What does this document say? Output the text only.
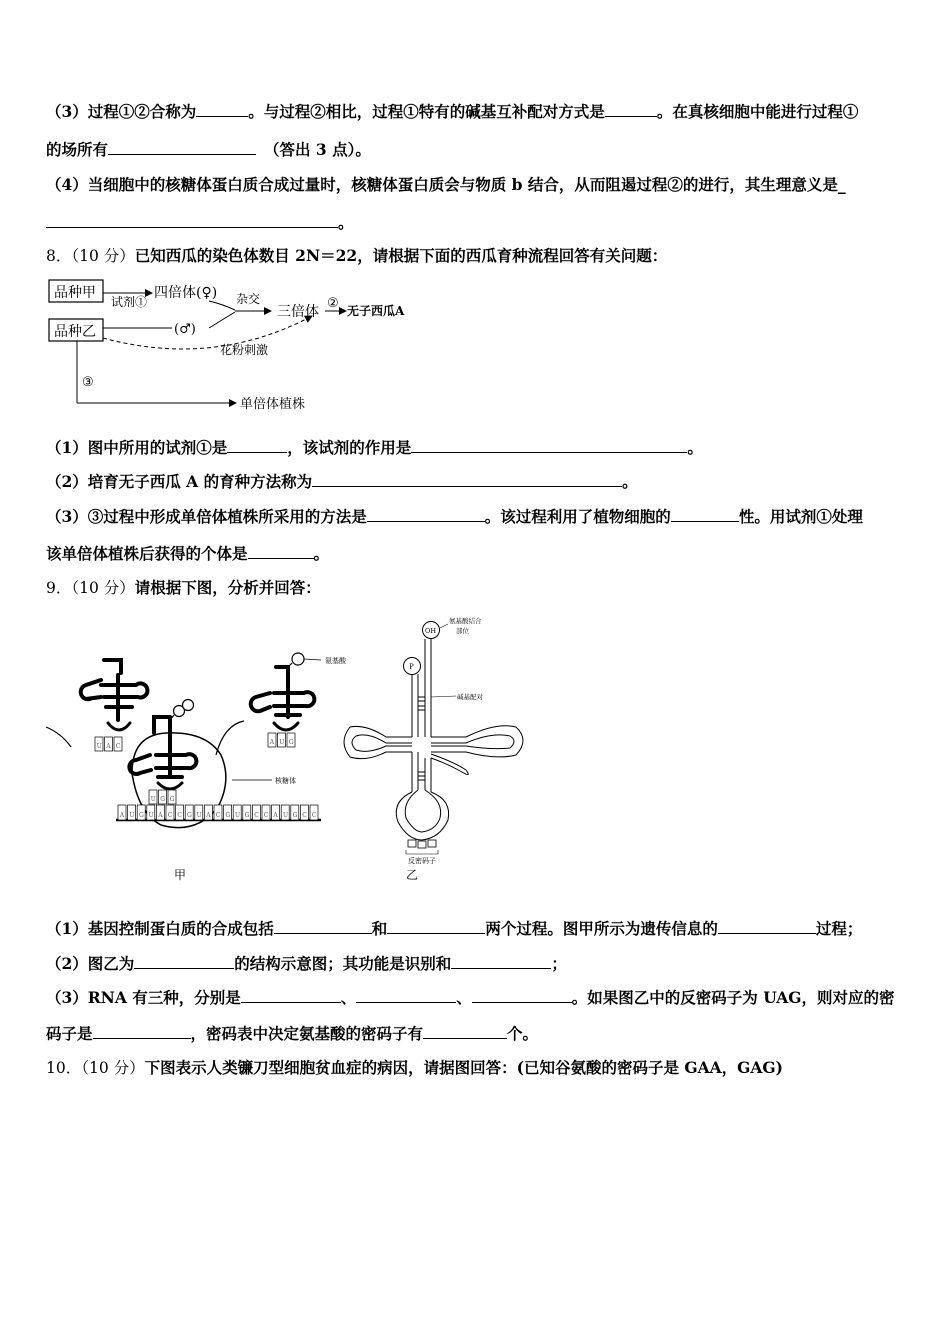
（3）过程①②合称为	。与过程②相比，过程①特有的碱基互补配对方式是	。在真核细胞中能进行过程①
的场所有	（答出 3 点）。
（4）当细胞中的核糖体蛋白质合成过量时，核糖体蛋白质会与物质 b 结合，从而阻遏过程②的进行，其生理意义是_
。
8．（10 分）已知西瓜的染色体数目 2N＝22，请根据下面的西瓜育种流程回答有关问题：
品种甲
品种乙
试剂①
四倍体(♀)
(♂)
杂交
三倍体
② 无子西瓜A
花粉刺激
③
单倍体植株
（1）图中所用的试剂①是	，该试剂的作用是	。
（2）培育无子西瓜 A 的育种方法称为	。
（3）③过程中形成单倍体植株所采用的方法是	。该过程利用了植物细胞的	性。用试剂①处理
该单倍体植株后获得的个体是	。
9．（10 分）请根据下图，分析并回答：
氨基酸
核糖体
A U G U A C C G U A C G U G C C A U G C C
U A C
U G G
A U G
甲
OH
氨基酸结合
部位
P
碱基配对
反密码子
乙
（1）基因控制蛋白质的合成包括	和	两个过程。图甲所示为遗传信息的	过程；
（2）图乙为	的结构示意图；其功能是识别和	；
（3）RNA 有三种，分别是	、	、	。如果图乙中的反密码子为 UAG，则对应的密
码子是	，密码表中决定氨基酸的密码子有	个。
10．（10 分）下图表示人类镰刀型细胞贫血症的病因，请据图回答：(已知谷氨酸的密码子是 GAA，GAG)
